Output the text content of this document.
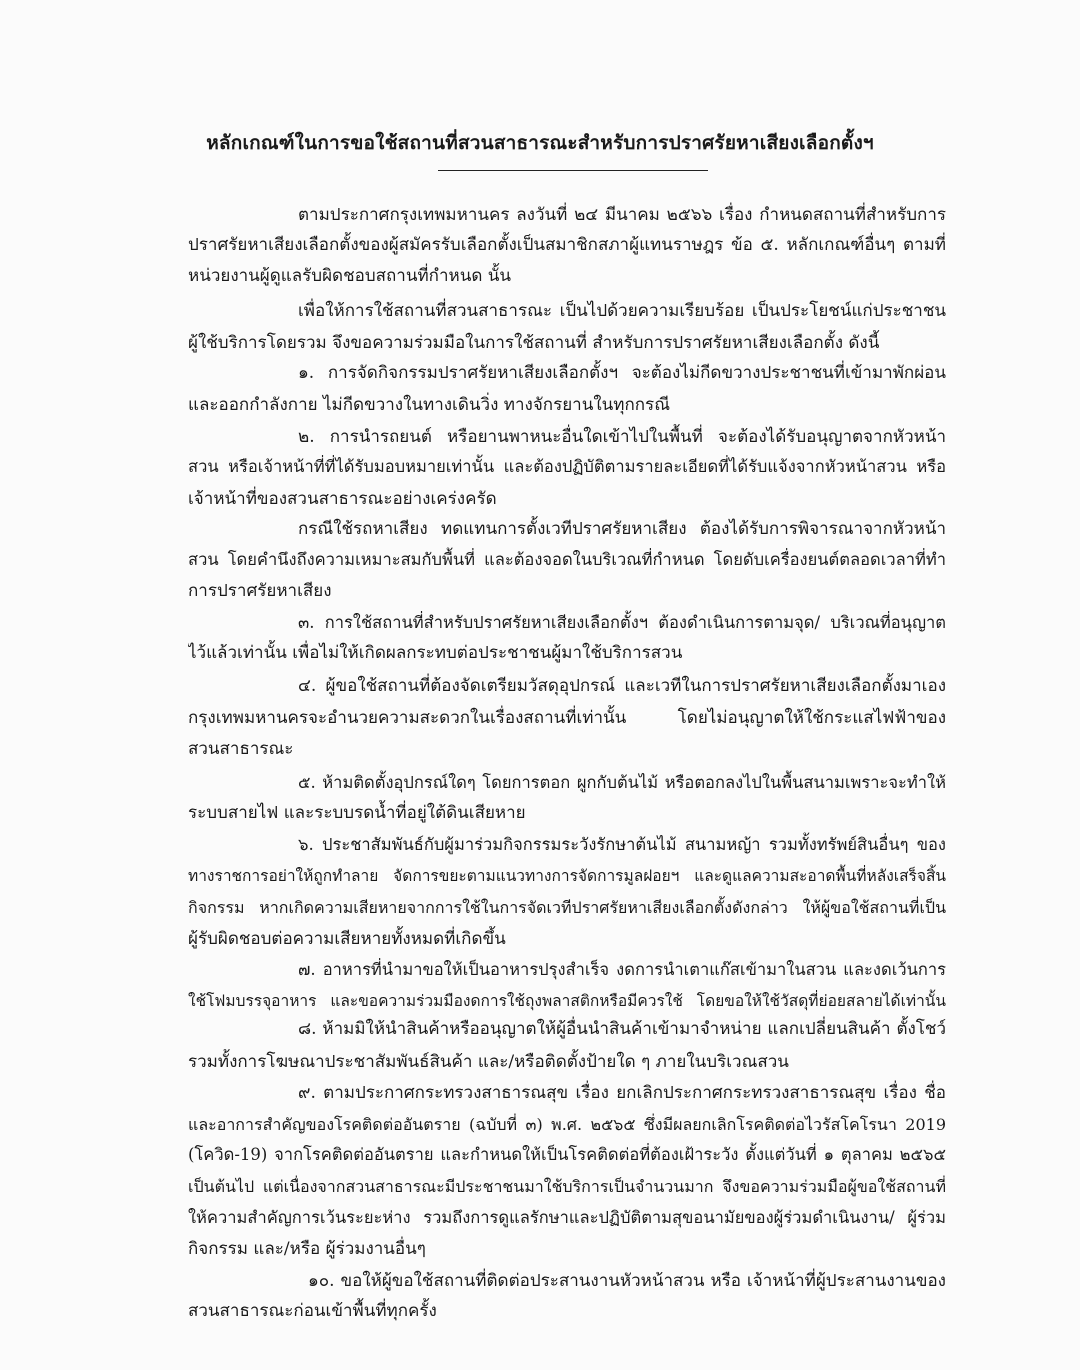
หลักเกณฑ์ในการขอใช้สถานที่สวนสาธารณะสำหรับการปราศรัยหาเสียงเลือกตั้งฯ
ตามประกาศกรุงเทพมหานคร ลงวันที่ ๒๔ มีนาคม ๒๕๖๖ เรื่อง กำหนดสถานที่สำหรับการ
ปราศรัยหาเสียงเลือกตั้งของผู้สมัครรับเลือกตั้งเป็นสมาชิกสภาผู้แทนราษฎร ข้อ ๕. หลักเกณฑ์อื่นๆ ตามที่
หน่วยงานผู้ดูแลรับผิดชอบสถานที่กำหนด นั้น
เพื่อให้การใช้สถานที่สวนสาธารณะ เป็นไปด้วยความเรียบร้อย เป็นประโยชน์แก่ประชาชน
ผู้ใช้บริการโดยรวม จึงขอความร่วมมือในการใช้สถานที่ สำหรับการปราศรัยหาเสียงเลือกตั้ง ดังนี้
๑. การจัดกิจกรรมปราศรัยหาเสียงเลือกตั้งฯ จะต้องไม่กีดขวางประชาชนที่เข้ามาพักผ่อน
และออกกำลังกาย ไม่กีดขวางในทางเดินวิ่ง ทางจักรยานในทุกกรณี
๒. การนำรถยนต์ หรือยานพาหนะอื่นใดเข้าไปในพื้นที่ จะต้องได้รับอนุญาตจากหัวหน้า
สวน หรือเจ้าหน้าที่ที่ได้รับมอบหมายเท่านั้น และต้องปฏิบัติตามรายละเอียดที่ได้รับแจ้งจากหัวหน้าสวน หรือ
เจ้าหน้าที่ของสวนสาธารณะอย่างเคร่งครัด
กรณีใช้รถหาเสียง ทดแทนการตั้งเวทีปราศรัยหาเสียง ต้องได้รับการพิจารณาจากหัวหน้า
สวน โดยคำนึงถึงความเหมาะสมกับพื้นที่ และต้องจอดในบริเวณที่กำหนด โดยดับเครื่องยนต์ตลอดเวลาที่ทำ
การปราศรัยหาเสียง
๓. การใช้สถานที่สำหรับปราศรัยหาเสียงเลือกตั้งฯ ต้องดำเนินการตามจุด/ บริเวณที่อนุญาต
ไว้แล้วเท่านั้น เพื่อไม่ให้เกิดผลกระทบต่อประชาชนผู้มาใช้บริการสวน
๔. ผู้ขอใช้สถานที่ต้องจัดเตรียมวัสดุอุปกรณ์ และเวทีในการปราศรัยหาเสียงเลือกตั้งมาเอง
กรุงเทพมหานครจะอำนวยความสะดวกในเรื่องสถานที่เท่านั้น โดยไม่อนุญาตให้ใช้กระแสไฟฟ้าของ
สวนสาธารณะ
๕. ห้ามติดตั้งอุปกรณ์ใดๆ โดยการตอก ผูกกับต้นไม้ หรือตอกลงไปในพื้นสนามเพราะจะทำให้
ระบบสายไฟ และระบบรดน้ำที่อยู่ใต้ดินเสียหาย
๖. ประชาสัมพันธ์กับผู้มาร่วมกิจกรรมระวังรักษาต้นไม้ สนามหญ้า รวมทั้งทรัพย์สินอื่นๆ ของ
ทางราชการอย่าให้ถูกทำลาย จัดการขยะตามแนวทางการจัดการมูลฝอยฯ และดูแลความสะอาดพื้นที่หลังเสร็จสิ้น
กิจกรรม หากเกิดความเสียหายจากการใช้ในการจัดเวทีปราศรัยหาเสียงเลือกตั้งดังกล่าว ให้ผู้ขอใช้สถานที่เป็น
ผู้รับผิดชอบต่อความเสียหายทั้งหมดที่เกิดขึ้น
๗. อาหารที่นำมาขอให้เป็นอาหารปรุงสำเร็จ งดการนำเตาแก๊สเข้ามาในสวน และงดเว้นการ
ใช้โฟมบรรจุอาหาร และขอความร่วมมืองดการใช้ถุงพลาสติกหรือมีควรใช้ โดยขอให้ใช้วัสดุที่ย่อยสลายได้เท่านั้น
๘. ห้ามมิให้นำสินค้าหรืออนุญาตให้ผู้อื่นนำสินค้าเข้ามาจำหน่าย แลกเปลี่ยนสินค้า ตั้งโชว์
รวมทั้งการโฆษณาประชาสัมพันธ์สินค้า และ/หรือติดตั้งป้ายใด ๆ ภายในบริเวณสวน
๙. ตามประกาศกระทรวงสาธารณสุข เรื่อง ยกเลิกประกาศกระทรวงสาธารณสุข เรื่อง ชื่อ
และอาการสำคัญของโรคติดต่ออันตราย (ฉบับที่ ๓) พ.ศ. ๒๕๖๕ ซึ่งมีผลยกเลิกโรคติดต่อไวรัสโคโรนา 2019
(โควิด-19) จากโรคติดต่ออันตราย และกำหนดให้เป็นโรคติดต่อที่ต้องเฝ้าระวัง ตั้งแต่วันที่ ๑ ตุลาคม ๒๕๖๕
เป็นต้นไป แต่เนื่องจากสวนสาธารณะมีประชาชนมาใช้บริการเป็นจำนวนมาก จึงขอความร่วมมือผู้ขอใช้สถานที่
ให้ความสำคัญการเว้นระยะห่าง รวมถึงการดูแลรักษาและปฏิบัติตามสุขอนามัยของผู้ร่วมดำเนินงาน/ ผู้ร่วม
กิจกรรม และ/หรือ ผู้ร่วมงานอื่นๆ
๑๐. ขอให้ผู้ขอใช้สถานที่ติดต่อประสานงานหัวหน้าสวน หรือ เจ้าหน้าที่ผู้ประสานงานของ
สวนสาธารณะก่อนเข้าพื้นที่ทุกครั้ง
